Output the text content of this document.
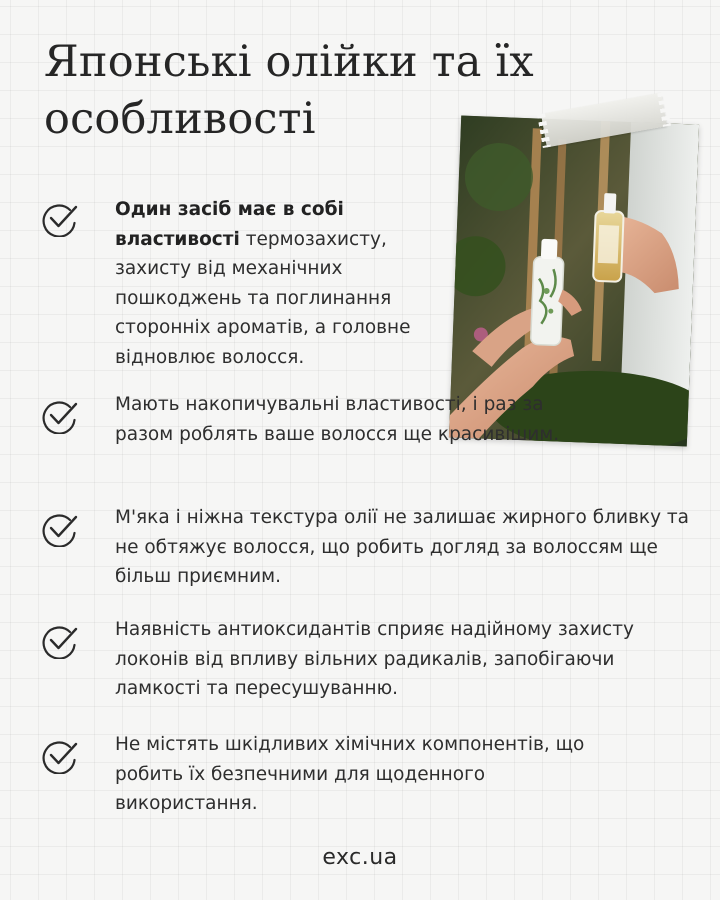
Японські олійки та їх особливості

Один засіб має в собі властивості термозахисту, захисту від механічних пошкоджень та поглинання сторонніх ароматів, а головне відновлює волосся.

Мають накопичувальні властивості, і раз за разом роблять ваше волосся ще красивішим.

М'яка і ніжна текстура олії не залишає жирного бливку та не обтяжує волосся, що робить догляд за волоссям ще більш приємним.

Наявність антиоксидантів сприяє надійному захисту локонів від впливу вільних радикалів, запобігаючи ламкості та пересушуванню.

Не містять шкідливих хімічних компонентів, що робить їх безпечними для щоденного використання.

exc.ua
